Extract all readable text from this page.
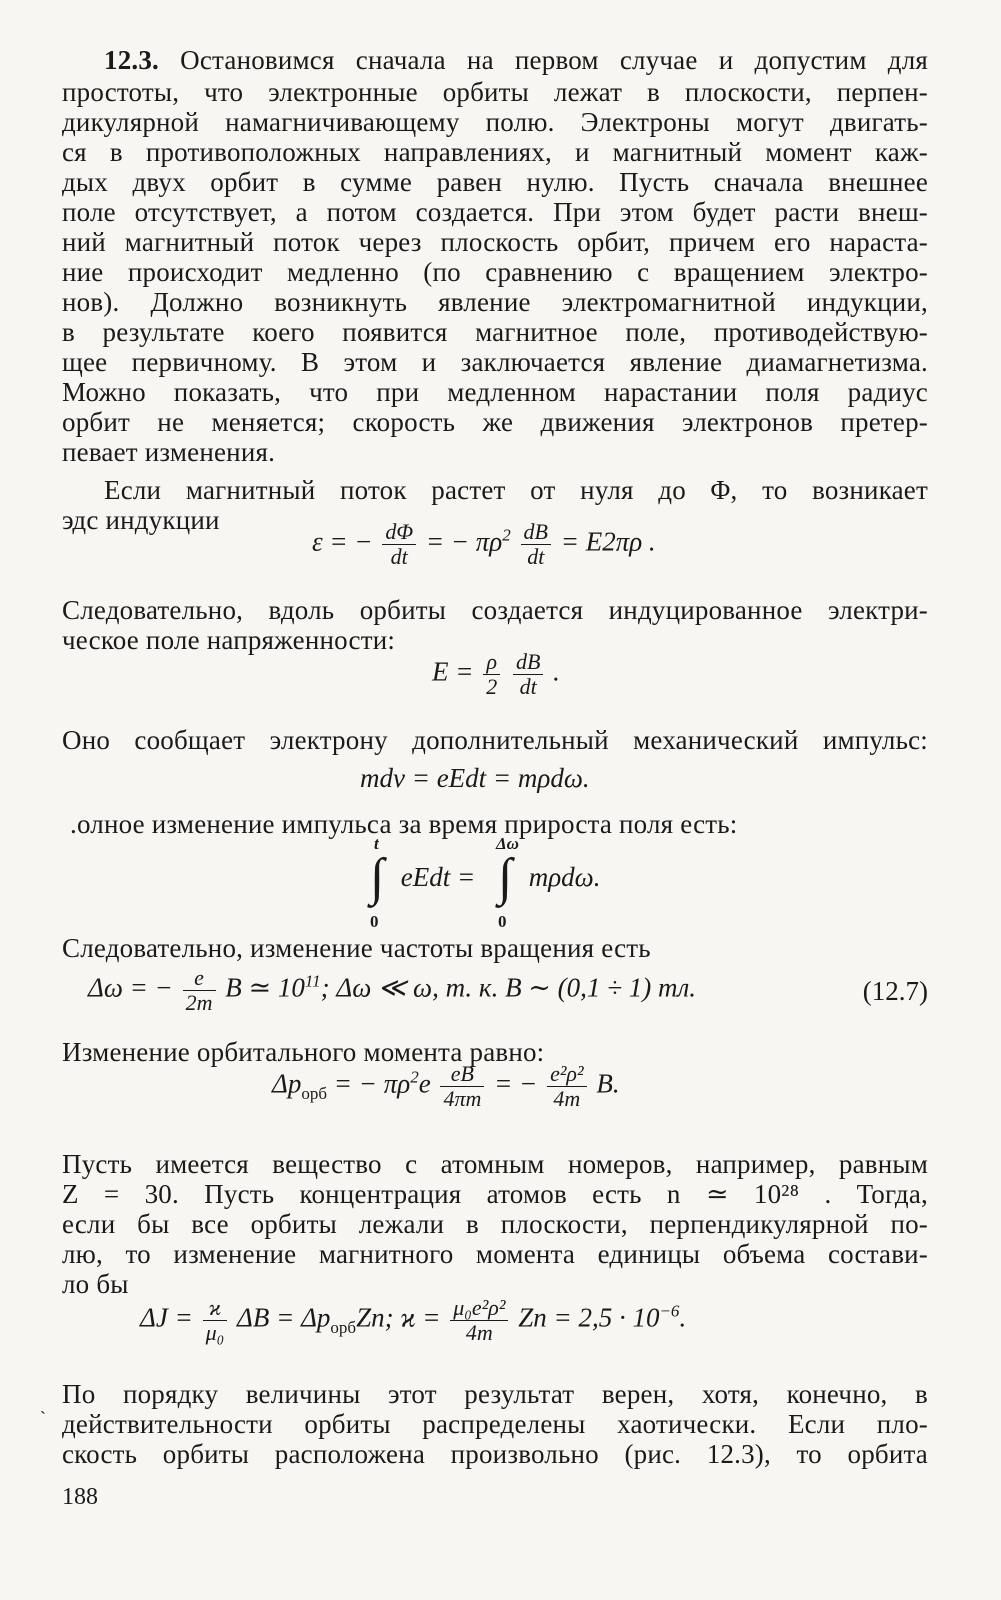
12.3. Остановимся сначала на первом случае и допустим для
простоты, что электронные орбиты лежат в плоскости, перпен-
дикулярной намагничивающему полю. Электроны могут двигать-
ся в противоположных направлениях, и магнитный момент каж-
дых двух орбит в сумме равен нулю. Пусть сначала внешнее
поле отсутствует, а потом создается. При этом будет расти внеш-
ний магнитный поток через плоскость орбит, причем его нараста-
ние происходит медленно (по сравнению с вращением электро-
нов). Должно возникнуть явление электромагнитной индукции,
в результате коего появится магнитное поле, противодействую-
щее первичному. В этом и заключается явление диамагнетизма.
Можно показать, что при медленном нарастании поля радиус
орбит не меняется; скорость же движения электронов претер-
певает изменения.
Если магнитный поток растет от нуля до Φ, то возникает
эдс индукции
ε = − $\frac{d\Phi}{dt}$ = − $\pi\rho^2 \frac{dB}{dt} = E2\pi\rho$ .
Следовательно, вдоль орбиты создается индуцированное электри-
ческое поле напряженности:
$E = \frac{\rho}{2}$
$\frac{dB}{dt}$ .
Оно сообщает электрону дополнительный механический импульс:
mdv = eEdt = mρdω.
.олное изменение импульса за время прироста поля есть:
t
∫
0
eEdt =
Δω
∫
0
mρdω.
Следовательно, изменение частоты вращения есть
Δω = − $\frac{e}{2m}$ B ≃ $10^{11}$; Δω ≪ ω, т. к. B ∼ (0,1 ÷ 1) тл.	(12.7)
Изменение орбитального момента равно:
$\Delta p_{орб}$ = − $\pi\rho^2e \frac{eB}{4\pi m}$ = − $\frac{\text{e²ρ²}}{4m} B$.
Пусть имеется вещество с атомным номеров, например, равным
Z = 30. Пусть концентрация атомов есть n ≃ 10²⁸ . Тогда,
если бы все орбиты лежали в плоскости, перпендикулярной по-
лю, то изменение магнитного момента единицы объема состави-
ло бы
$\Delta J = \frac{ϰ}{\text{μ₀}}$ $\Delta B = \Delta p_{орб}Zn$; $ϰ = \frac{\text{μ₀e²ρ²}}{4m}$ $Zn = 2,5 \cdot 10^{-6}$.
По порядку величины этот результат верен, хотя, конечно, в
действительности орбиты распределены хаотически. Если пло-
скость орбиты расположена произвольно (рис. 12.3), то орбита
`
188
